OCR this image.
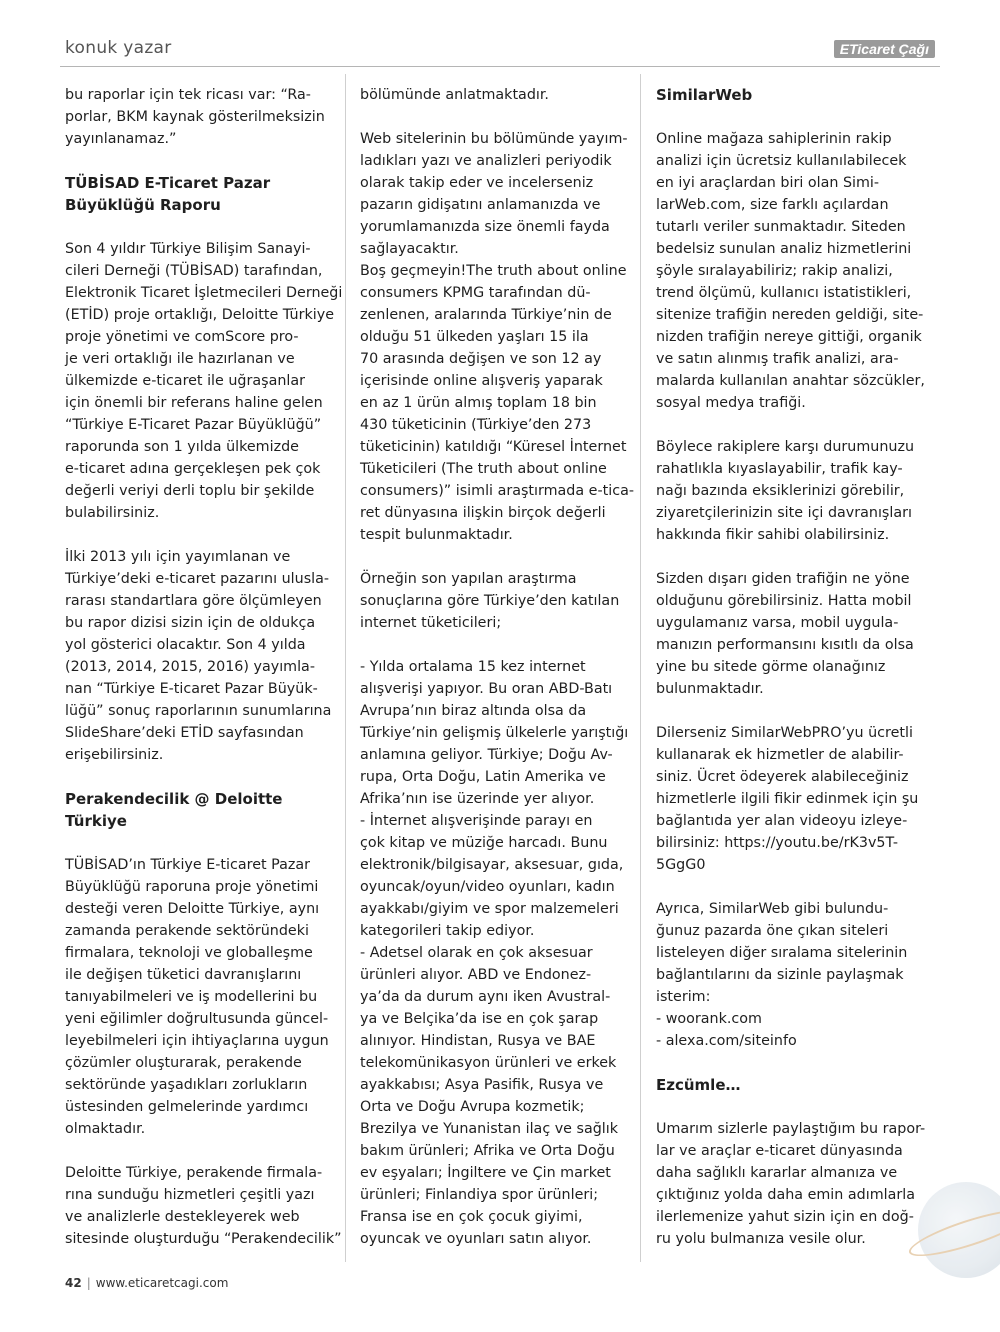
konuk yazar	ETicaret Çağı

bu raporlar için tek ricası var: “Ra-
porlar, BKM kaynak gösterilmeksizin
yayınlanamaz.”

TÜBİSAD E-Ticaret Pazar
Büyüklüğü Raporu

Son 4 yıldır Türkiye Bilişim Sanayi-
cileri Derneği (TÜBİSAD) tarafından,
Elektronik Ticaret İşletmecileri Derneği
(ETİD) proje ortaklığı, Deloitte Türkiye
proje yönetimi ve comScore pro-
je veri ortaklığı ile hazırlanan ve
ülkemizde e-ticaret ile uğraşanlar
için önemli bir referans haline gelen
“Türkiye E-Ticaret Pazar Büyüklüğü”
raporunda son 1 yılda ülkemizde
e-ticaret adına gerçekleşen pek çok
değerli veriyi derli toplu bir şekilde
bulabilirsiniz.

İlki 2013 yılı için yayımlanan ve
Türkiye’deki e-ticaret pazarını ulusla-
rarası standartlara göre ölçümleyen
bu rapor dizisi sizin için de oldukça
yol gösterici olacaktır. Son 4 yılda
(2013, 2014, 2015, 2016) yayımla-
nan “Türkiye E-ticaret Pazar Büyük-
lüğü” sonuç raporlarının sunumlarına
SlideShare’deki ETİD sayfasından
erişebilirsiniz.

Perakendecilik @ Deloitte
Türkiye

TÜBİSAD’ın Türkiye E-ticaret Pazar
Büyüklüğü raporuna proje yönetimi
desteği veren Deloitte Türkiye, aynı
zamanda perakende sektöründeki
firmalara, teknoloji ve globalleşme
ile değişen tüketici davranışlarını
tanıyabilmeleri ve iş modellerini bu
yeni eğilimler doğrultusunda güncel-
leyebilmeleri için ihtiyaçlarına uygun
çözümler oluşturarak, perakende
sektöründe yaşadıkları zorlukların
üstesinden gelmelerinde yardımcı
olmaktadır.

Deloitte Türkiye, perakende firmala-
rına sunduğu hizmetleri çeşitli yazı
ve analizlerle destekleyerek web
sitesinde oluşturduğu “Perakendecilik”

bölümünde anlatmaktadır.

Web sitelerinin bu bölümünde yayım-
ladıkları yazı ve analizleri periyodik
olarak takip eder ve incelerseniz
pazarın gidişatını anlamanızda ve
yorumlamanızda size önemli fayda
sağlayacaktır.

Boş geçmeyin!The truth about online
consumers KPMG tarafından dü-
zenlenen, aralarında Türkiye’nin de
olduğu 51 ülkeden yaşları 15 ila
70 arasında değişen ve son 12 ay
içerisinde online alışveriş yaparak
en az 1 ürün almış toplam 18 bin
430 tüketicinin (Türkiye’den 273
tüketicinin) katıldığı “Küresel İnternet
Tüketicileri (The truth about online
consumers)” isimli araştırmada e-tica-
ret dünyasına ilişkin birçok değerli
tespit bulunmaktadır.

Örneğin son yapılan araştırma
sonuçlarına göre Türkiye’den katılan
internet tüketicileri;

- Yılda ortalama 15 kez internet
alışverişi yapıyor. Bu oran ABD-Batı
Avrupa’nın biraz altında olsa da
Türkiye’nin gelişmiş ülkelerle yarıştığı
anlamına geliyor. Türkiye; Doğu Av-
rupa, Orta Doğu, Latin Amerika ve
Afrika’nın ise üzerinde yer alıyor.

- İnternet alışverişinde parayı en
çok kitap ve müziğe harcadı. Bunu
elektronik/bilgisayar, aksesuar, gıda,
oyuncak/oyun/video oyunları, kadın
ayakkabı/giyim ve spor malzemeleri
kategorileri takip ediyor.

- Adetsel olarak en çok aksesuar
ürünleri alıyor. ABD ve Endonez-
ya’da da durum aynı iken Avustral-
ya ve Belçika’da ise en çok şarap
alınıyor. Hindistan, Rusya ve BAE
telekomünikasyon ürünleri ve erkek
ayakkabısı; Asya Pasifik, Rusya ve
Orta ve Doğu Avrupa kozmetik;
Brezilya ve Yunanistan ilaç ve sağlık
bakım ürünleri; Afrika ve Orta Doğu
ev eşyaları; İngiltere ve Çin market
ürünleri; Finlandiya spor ürünleri;
Fransa ise en çok çocuk giyimi,
oyuncak ve oyunları satın alıyor.

SimilarWeb

Online mağaza sahiplerinin rakip
analizi için ücretsiz kullanılabilecek
en iyi araçlardan biri olan Simi-
larWeb.com, size farklı açılardan
tutarlı veriler sunmaktadır. Siteden
bedelsiz sunulan analiz hizmetlerini
şöyle sıralayabiliriz; rakip analizi,
trend ölçümü, kullanıcı istatistikleri,
sitenize trafiğin nereden geldiği, site-
nizden trafiğin nereye gittiği, organik
ve satın alınmış trafik analizi, ara-
malarda kullanılan anahtar sözcükler,
sosyal medya trafiği.

Böylece rakiplere karşı durumunuzu
rahatlıkla kıyaslayabilir, trafik kay-
nağı bazında eksiklerinizi görebilir,
ziyaretçilerinizin site içi davranışları
hakkında fikir sahibi olabilirsiniz.

Sizden dışarı giden trafiğin ne yöne
olduğunu görebilirsiniz. Hatta mobil
uygulamanız varsa, mobil uygula-
manızın performansını kısıtlı da olsa
yine bu sitede görme olanağınız
bulunmaktadır.

Dilerseniz SimilarWebPRO’yu ücretli
kullanarak ek hizmetler de alabilir-
siniz. Ücret ödeyerek alabileceğiniz
hizmetlerle ilgili fikir edinmek için şu
bağlantıda yer alan videoyu izleye-
bilirsiniz: https://youtu.be/rK3v5T-
5GgG0

Ayrıca, SimilarWeb gibi bulundu-
ğunuz pazarda öne çıkan siteleri
listeleyen diğer sıralama sitelerinin
bağlantılarını da sizinle paylaşmak
isterim:
- woorank.com
- alexa.com/siteinfo

Ezcümle…

Umarım sizlerle paylaştığım bu rapor-
lar ve araçlar e-ticaret dünyasında
daha sağlıklı kararlar almanıza ve
çıktığınız yolda daha emin adımlarla
ilerlemenize yahut sizin için en doğ-
ru yolu bulmanıza vesile olur.

42 | www.eticaretcagi.com
